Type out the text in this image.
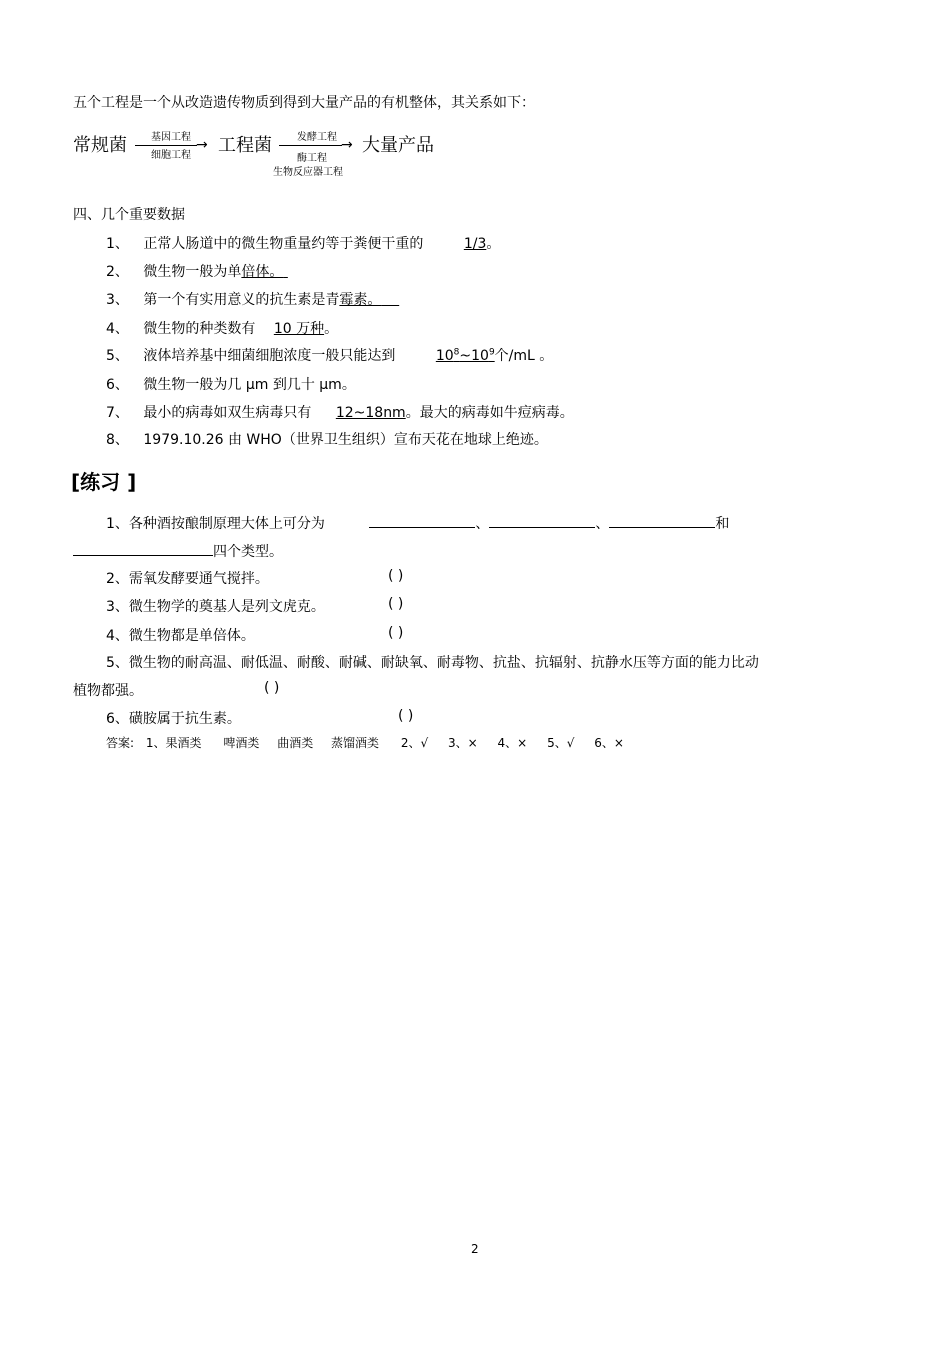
五个工程是一个从改造遗传物质到得到大量产品的有机整体，其关系如下：
常规菌 基因工程 →
细胞工程 工程菌	发酵工程 →
酶工程
生物反应器工程
大量产品
四、几个重要数据
1、 正常人肠道中的微生物重量约等于粪便干重的	1/3。
2、 微生物一般为单倍体。
3、 第一个有实用意义的抗生素是青霉素。
4、 微生物的种类数有 10 万种。
5、 液体培养基中细菌细胞浓度一般只能达到	$10^8\sim 10^9$个/mL 。
6、 微生物一般为几 μm 到几十 μm。
7、 最小的病毒如双生病毒只有 12~18nm。最大的病毒如牛痘病毒。
8、 1979.10.26 由 WHO（世界卫生组织）宣布天花在地球上绝迹。
[练习 ]
1、各种酒按酿制原理大体上可分为	、	、	和
四个类型。
2、需氧发酵要通气搅拌。	( )
3、微生物学的奠基人是列文虎克。	( )
4、微生物都是单倍体。	( )
5、微生物的耐高温、耐低温、耐酸、耐碱、耐缺氧、耐毒物、抗盐、抗辐射、抗静水压等方面的能力比动
植物都强。	( )
6、磺胺属于抗生素。	( )
答案: 1、果酒类 啤酒类 曲酒类 蒸馏酒类 2、√ 3、× 4、× 5、√ 6、×
2
